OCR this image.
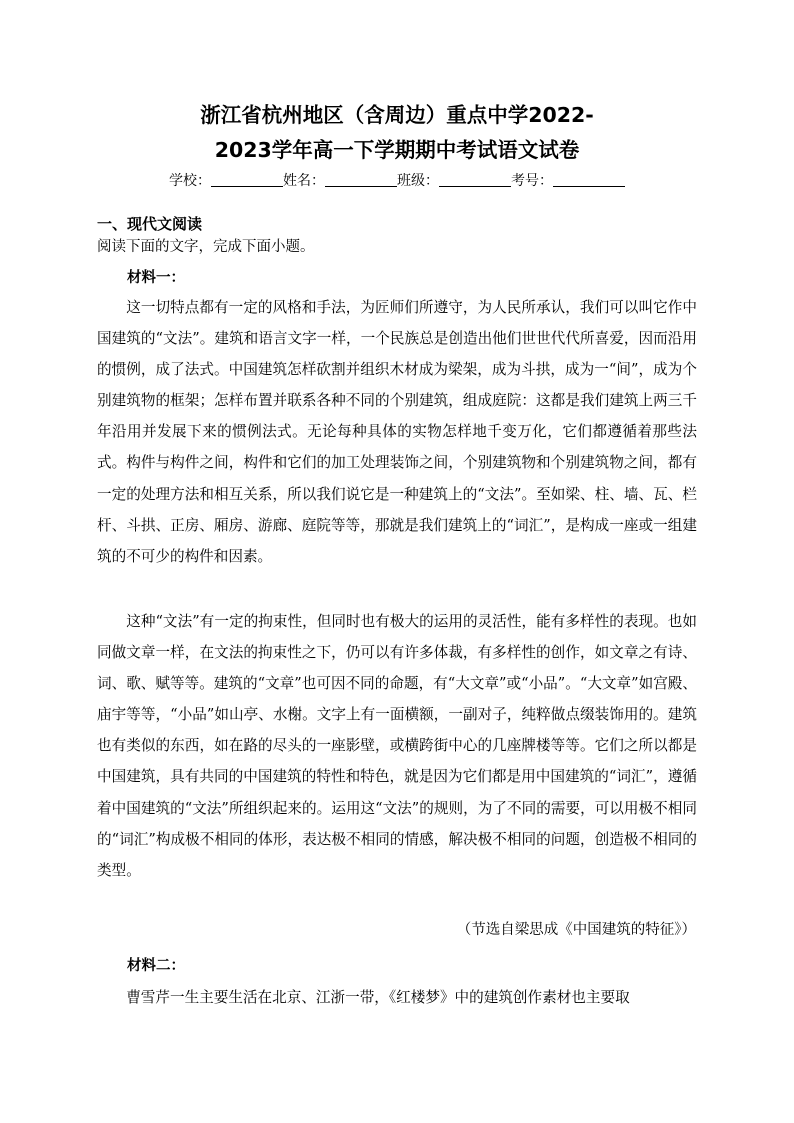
浙江省杭州地区（含周边）重点中学2022-
2023学年高一下学期期中考试语文试卷
学校：	姓名：	班级：	考号：
一、现代文阅读
阅读下面的文字，完成下面小题。
材料一：
这一切特点都有一定的风格和手法，为匠师们所遵守，为人民所承认，我们可以叫它作中国建筑的“文法”。建筑和语言文字一样，一个民族总是创造出他们世世代代所喜爱，因而沿用的惯例，成了法式。中国建筑怎样砍割并组织木材成为梁架，成为斗拱，成为一“间”，成为个别建筑物的框架；怎样布置并联系各种不同的个别建筑，组成庭院：这都是我们建筑上两三千年沿用并发展下来的惯例法式。无论每种具体的实物怎样地千变万化，它们都遵循着那些法式。构件与构件之间，构件和它们的加工处理装饰之间，个别建筑物和个别建筑物之间，都有一定的处理方法和相互关系，所以我们说它是一种建筑上的“文法”。至如梁、柱、墙、瓦、栏杆、斗拱、正房、厢房、游廊、庭院等等，那就是我们建筑上的“词汇”，是构成一座或一组建筑的不可少的构件和因素。
这种“文法”有一定的拘束性，但同时也有极大的运用的灵活性，能有多样性的表现。也如同做文章一样，在文法的拘束性之下，仍可以有许多体裁，有多样性的创作，如文章之有诗、词、歌、赋等等。建筑的“文章”也可因不同的命题，有“大文章”或“小品”。“大文章”如宫殿、庙宇等等，“小品”如山亭、水榭。文字上有一面横额，一副对子，纯粹做点缀装饰用的。建筑也有类似的东西，如在路的尽头的一座影壁，或横跨街中心的几座牌楼等等。它们之所以都是中国建筑，具有共同的中国建筑的特性和特色，就是因为它们都是用中国建筑的“词汇”，遵循着中国建筑的“文法”所组织起来的。运用这“文法”的规则，为了不同的需要，可以用极不相同的“词汇”构成极不相同的体形，表达极不相同的情感，解决极不相同的问题，创造极不相同的类型。
（节选自梁思成《中国建筑的特征》）
材料二：
曹雪芹一生主要生活在北京、江浙一带，《红楼梦》中的建筑创作素材也主要取
